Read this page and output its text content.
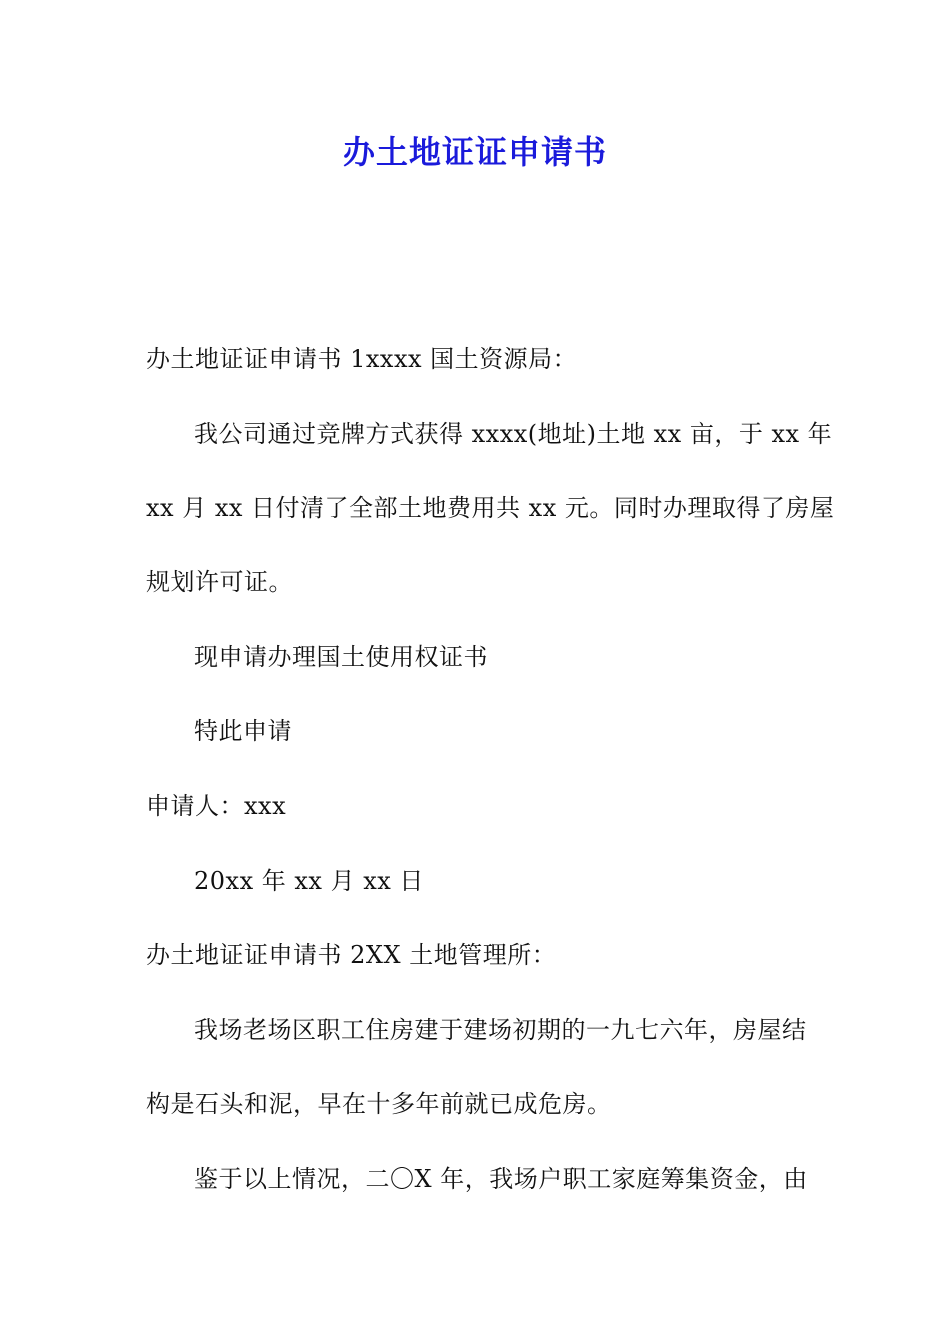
办土地证证申请书

办土地证证申请书 1xxxx 国土资源局：

我公司通过竞牌方式获得 xxxx(地址)土地 xx 亩，于 xx 年

xx 月 xx 日付清了全部土地费用共 xx 元。同时办理取得了房屋

规划许可证。

现申请办理国土使用权证书

特此申请

申请人：xxx

20xx 年 xx 月 xx 日

办土地证证申请书 2XX 土地管理所：

我场老场区职工住房建于建场初期的一九七六年，房屋结

构是石头和泥，早在十多年前就已成危房。

鉴于以上情况，二〇X 年，我场户职工家庭筹集资金，由
